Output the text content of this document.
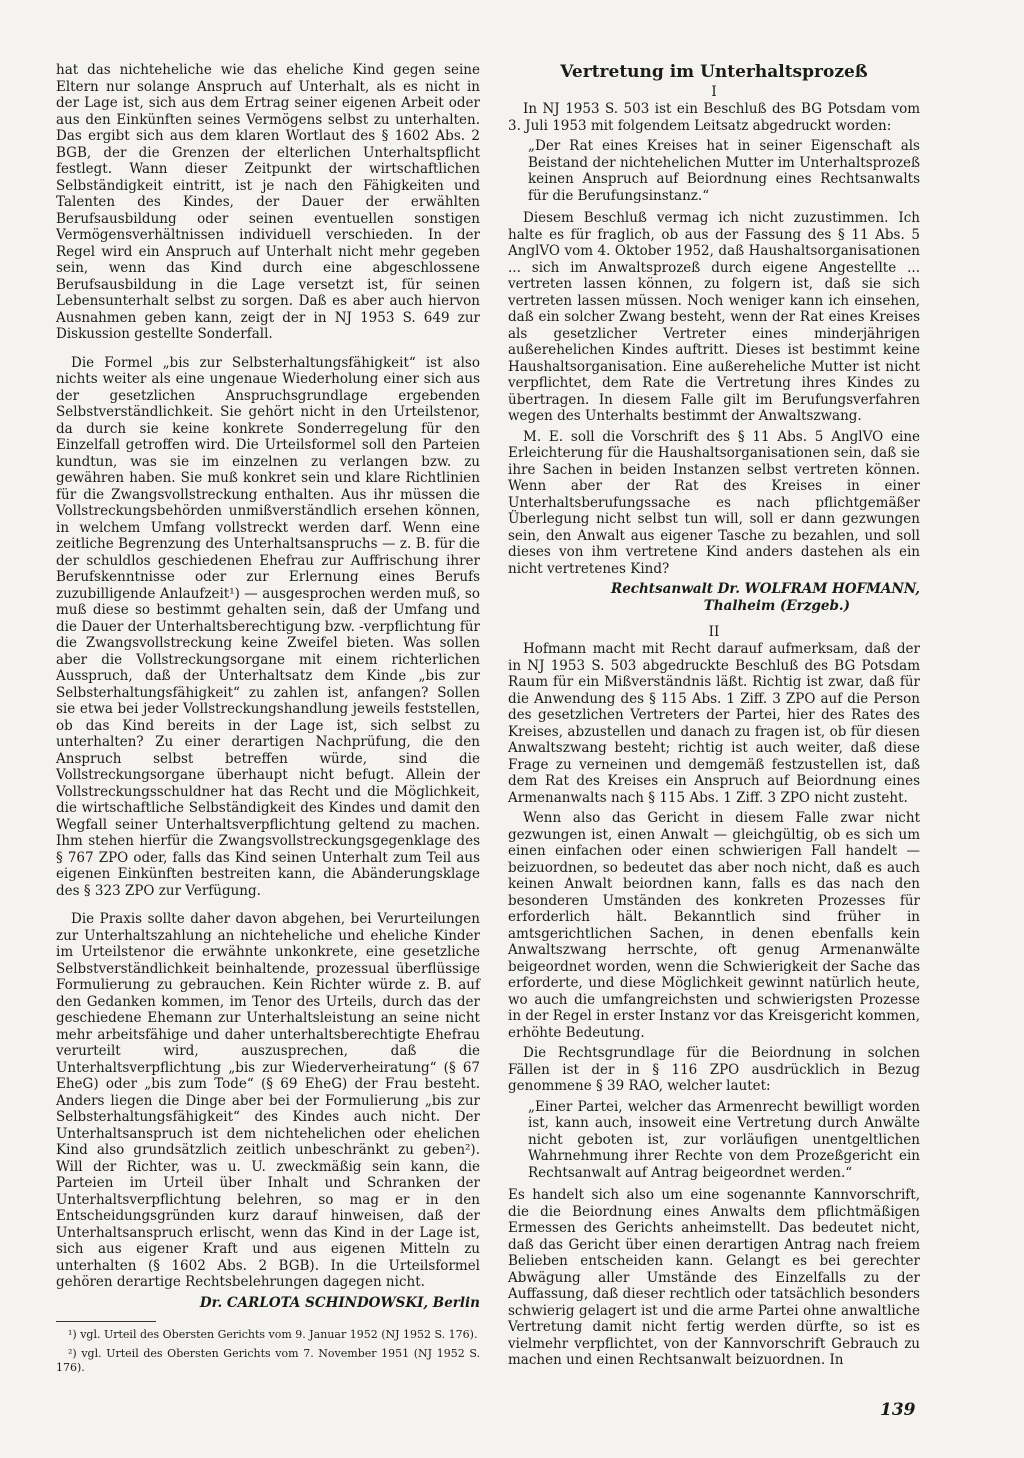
hat das nichteheliche wie das eheliche Kind gegen seine Eltern nur solange Anspruch auf Unterhalt, als es nicht in der Lage ist, sich aus dem Ertrag seiner eigenen Arbeit oder aus den Einkünften seines Vermögens selbst zu unterhalten. Das ergibt sich aus dem klaren Wortlaut des § 1602 Abs. 2 BGB, der die Grenzen der elterlichen Unterhaltspflicht festlegt. Wann dieser Zeitpunkt der wirtschaftlichen Selbständigkeit eintritt, ist je nach den Fähigkeiten und Talenten des Kindes, der Dauer der erwählten Berufsausbildung oder seinen eventuellen sonstigen Vermögensverhältnissen individuell verschieden. In der Regel wird ein Anspruch auf Unterhalt nicht mehr gegeben sein, wenn das Kind durch eine abgeschlossene Berufsausbildung in die Lage versetzt ist, für seinen Lebensunterhalt selbst zu sorgen. Daß es aber auch hiervon Ausnahmen geben kann, zeigt der in NJ 1953 S. 649 zur Diskussion gestellte Sonderfall.

Die Formel „bis zur Selbsterhaltungsfähigkeit“ ist also nichts weiter als eine ungenaue Wiederholung einer sich aus der gesetzlichen Anspruchsgrundlage ergebenden Selbstverständlichkeit. Sie gehört nicht in den Urteilstenor, da durch sie keine konkrete Sonderregelung für den Einzelfall getroffen wird. Die Urteilsformel soll den Parteien kundtun, was sie im einzelnen zu verlangen bzw. zu gewähren haben. Sie muß konkret sein und klare Richtlinien für die Zwangsvollstreckung enthalten. Aus ihr müssen die Vollstreckungsbehörden unmißverständlich ersehen können, in welchem Umfang vollstreckt werden darf. Wenn eine zeitliche Begrenzung des Unterhaltsanspruchs — z. B. für die der schuldlos geschiedenen Ehefrau zur Auffrischung ihrer Berufskenntnisse oder zur Erlernung eines Berufs zuzubilligende Anlaufzeit¹) — ausgesprochen werden muß, so muß diese so bestimmt gehalten sein, daß der Umfang und die Dauer der Unterhaltsberechtigung bzw. -verpflichtung für die Zwangsvollstreckung keine Zweifel bieten. Was sollen aber die Vollstreckungsorgane mit einem richterlichen Ausspruch, daß der Unterhaltsatz dem Kinde „bis zur Selbsterhaltungsfähigkeit“ zu zahlen ist, anfangen? Sollen sie etwa bei jeder Vollstreckungshandlung jeweils feststellen, ob das Kind bereits in der Lage ist, sich selbst zu unterhalten? Zu einer derartigen Nachprüfung, die den Anspruch selbst betreffen würde, sind die Vollstreckungsorgane überhaupt nicht befugt. Allein der Vollstreckungsschuldner hat das Recht und die Möglichkeit, die wirtschaftliche Selbständigkeit des Kindes und damit den Wegfall seiner Unterhaltsverpflichtung geltend zu machen. Ihm stehen hierfür die Zwangsvollstreckungsgegenklage des § 767 ZPO oder, falls das Kind seinen Unterhalt zum Teil aus eigenen Einkünften bestreiten kann, die Abänderungsklage des § 323 ZPO zur Verfügung.

Die Praxis sollte daher davon abgehen, bei Verurteilungen zur Unterhaltszahlung an nichteheliche und eheliche Kinder im Urteilstenor die erwähnte unkonkrete, eine gesetzliche Selbstverständlichkeit beinhaltende, prozessual überflüssige Formulierung zu gebrauchen. Kein Richter würde z. B. auf den Gedanken kommen, im Tenor des Urteils, durch das der geschiedene Ehemann zur Unterhaltsleistung an seine nicht mehr arbeitsfähige und daher unterhaltsberechtigte Ehefrau verurteilt wird, auszusprechen, daß die Unterhaltsverpflichtung „bis zur Wiederverheiratung“ (§ 67 EheG) oder „bis zum Tode“ (§ 69 EheG) der Frau besteht. Anders liegen die Dinge aber bei der Formulierung „bis zur Selbsterhaltungsfähigkeit“ des Kindes auch nicht. Der Unterhaltsanspruch ist dem nichtehelichen oder ehelichen Kind also grundsätzlich zeitlich unbeschränkt zu geben²). Will der Richter, was u. U. zweckmäßig sein kann, die Parteien im Urteil über Inhalt und Schranken der Unterhaltsverpflichtung belehren, so mag er in den Entscheidungsgründen kurz darauf hinweisen, daß der Unterhaltsanspruch erlischt, wenn das Kind in der Lage ist, sich aus eigener Kraft und aus eigenen Mitteln zu unterhalten (§ 1602 Abs. 2 BGB). In die Urteilsformel gehören derartige Rechtsbelehrungen dagegen nicht.

Dr. CARLOTA SCHINDOWSKI, Berlin

¹) vgl. Urteil des Obersten Gerichts vom 9. Januar 1952 (NJ 1952 S. 176).

²) vgl. Urteil des Obersten Gerichts vom 7. November 1951 (NJ 1952 S. 176).

Vertretung im Unterhaltsprozeß
I

In NJ 1953 S. 503 ist ein Beschluß des BG Potsdam vom 3. Juli 1953 mit folgendem Leitsatz abgedruckt worden:

„Der Rat eines Kreises hat in seiner Eigenschaft als Beistand der nichtehelichen Mutter im Unterhaltsprozeß keinen Anspruch auf Beiordnung eines Rechtsanwalts für die Berufungsinstanz.“

Diesem Beschluß vermag ich nicht zuzustimmen. Ich halte es für fraglich, ob aus der Fassung des § 11 Abs. 5 AnglVO vom 4. Oktober 1952, daß Haushaltsorganisationen ... sich im Anwaltsprozeß durch eigene Angestellte ... vertreten lassen können, zu folgern ist, daß sie sich vertreten lassen müssen. Noch weniger kann ich einsehen, daß ein solcher Zwang besteht, wenn der Rat eines Kreises als gesetzlicher Vertreter eines minderjährigen außerehelichen Kindes auftritt. Dieses ist bestimmt keine Haushaltsorganisation. Eine außereheliche Mutter ist nicht verpflichtet, dem Rate die Vertretung ihres Kindes zu übertragen. In diesem Falle gilt im Berufungsverfahren wegen des Unterhalts bestimmt der Anwaltszwang.

M. E. soll die Vorschrift des § 11 Abs. 5 AnglVO eine Erleichterung für die Haushaltsorganisationen sein, daß sie ihre Sachen in beiden Instanzen selbst vertreten können. Wenn aber der Rat des Kreises in einer Unterhaltsberufungssache es nach pflichtgemäßer Überlegung nicht selbst tun will, soll er dann gezwungen sein, den Anwalt aus eigener Tasche zu bezahlen, und soll dieses von ihm vertretene Kind anders dastehen als ein nicht vertretenes Kind?

Rechtsanwalt Dr. WOLFRAM HOFMANN,
Thalheim (Erzgeb.)
II

Hofmann macht mit Recht darauf aufmerksam, daß der in NJ 1953 S. 503 abgedruckte Beschluß des BG Potsdam Raum für ein Mißverständnis läßt. Richtig ist zwar, daß für die Anwendung des § 115 Abs. 1 Ziff. 3 ZPO auf die Person des gesetzlichen Vertreters der Partei, hier des Rates des Kreises, abzustellen und danach zu fragen ist, ob für diesen Anwaltszwang besteht; richtig ist auch weiter, daß diese Frage zu verneinen und demgemäß festzustellen ist, daß dem Rat des Kreises ein Anspruch auf Beiordnung eines Armenanwalts nach § 115 Abs. 1 Ziff. 3 ZPO nicht zusteht.

Wenn also das Gericht in diesem Falle zwar nicht gezwungen ist, einen Anwalt — gleichgültig, ob es sich um einen einfachen oder einen schwierigen Fall handelt — beizuordnen, so bedeutet das aber noch nicht, daß es auch keinen Anwalt beiordnen kann, falls es das nach den besonderen Umständen des konkreten Prozesses für erforderlich hält. Bekanntlich sind früher in amtsgerichtlichen Sachen, in denen ebenfalls kein Anwaltszwang herrschte, oft genug Armenanwälte beigeordnet worden, wenn die Schwierigkeit der Sache das erforderte, und diese Möglichkeit gewinnt natürlich heute, wo auch die umfangreichsten und schwierigsten Prozesse in der Regel in erster Instanz vor das Kreisgericht kommen, erhöhte Bedeutung.

Die Rechtsgrundlage für die Beiordnung in solchen Fällen ist der in § 116 ZPO ausdrücklich in Bezug genommene § 39 RAO, welcher lautet:

„Einer Partei, welcher das Armenrecht bewilligt worden ist, kann auch, insoweit eine Vertretung durch Anwälte nicht geboten ist, zur vorläufigen unentgeltlichen Wahrnehmung ihrer Rechte von dem Prozeßgericht ein Rechtsanwalt auf Antrag beigeordnet werden.“

Es handelt sich also um eine sogenannte Kannvorschrift, die die Beiordnung eines Anwalts dem pflichtmäßigen Ermessen des Gerichts anheimstellt. Das bedeutet nicht, daß das Gericht über einen derartigen Antrag nach freiem Belieben entscheiden kann. Gelangt es bei gerechter Abwägung aller Umstände des Einzelfalls zu der Auffassung, daß dieser rechtlich oder tatsächlich besonders schwierig gelagert ist und die arme Partei ohne anwaltliche Vertretung damit nicht fertig werden dürfte, so ist es vielmehr verpflichtet, von der Kannvorschrift Gebrauch zu machen und einen Rechtsanwalt beizuordnen. In

139
